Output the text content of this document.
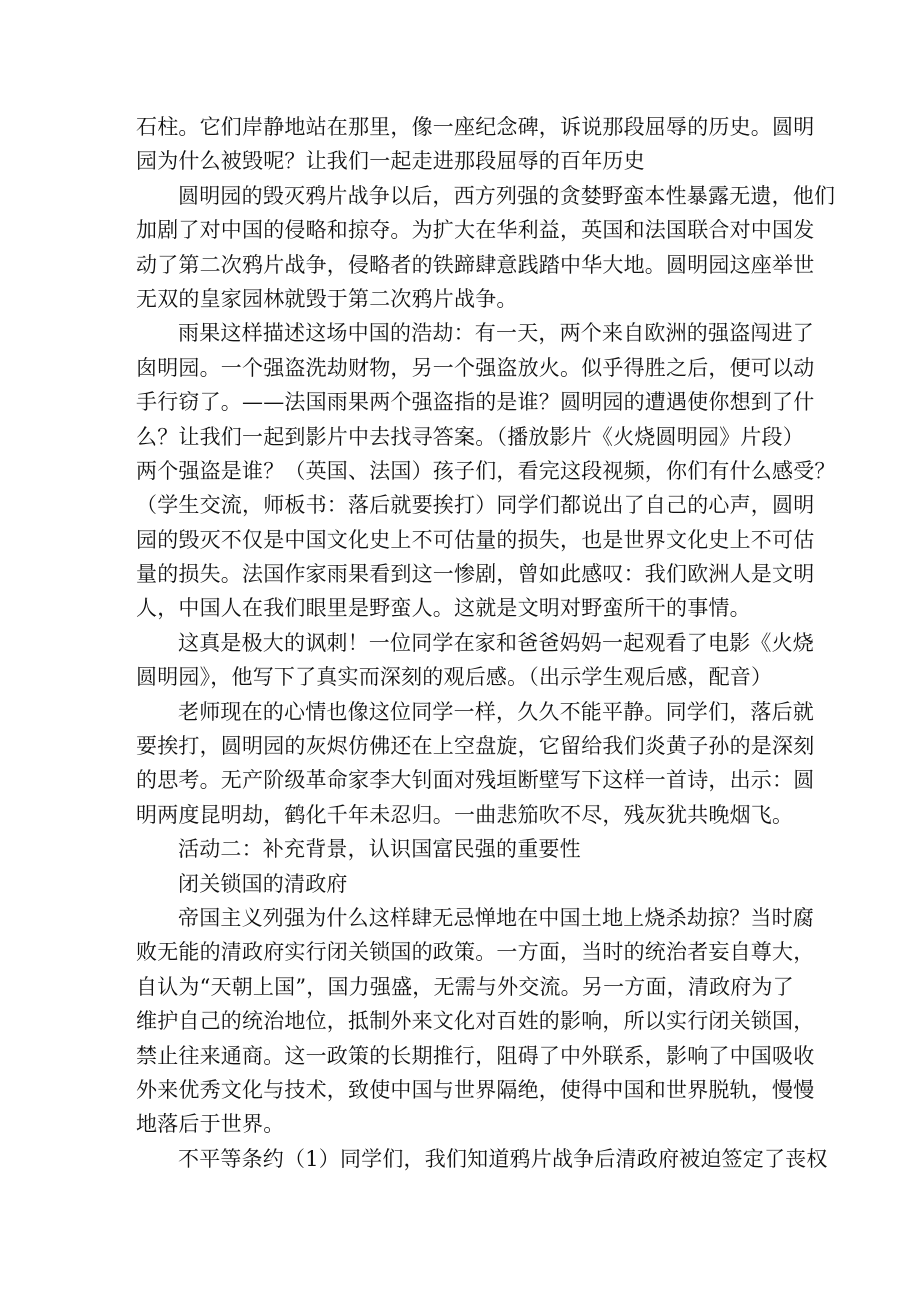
石柱。它们岸静地站在那里，像一座纪念碑，诉说那段屈辱的历史。圆明
园为什么被毁呢？让我们一起走进那段屈辱的百年历史
圆明园的毁灭鸦片战争以后，西方列强的贪婪野蛮本性暴露无遗，他们
加剧了对中国的侵略和掠夺。为扩大在华利益，英国和法国联合对中国发
动了第二次鸦片战争，侵略者的铁蹄肆意践踏中华大地。圆明园这座举世
无双的皇家园林就毁于第二次鸦片战争。
雨果这样描述这场中国的浩劫：有一天，两个来自欧洲的强盗闯进了
囱明园。一个强盗洗劫财物，另一个强盗放火。似乎得胜之后，便可以动
手行窃了。——法国雨果两个强盗指的是谁？圆明园的遭遇使你想到了什
么？让我们一起到影片中去找寻答案。（播放影片《火烧圆明园》片段）
两个强盗是谁？（英国、法国）孩子们，看完这段视频，你们有什么感受？
（学生交流，师板书：落后就要挨打）同学们都说出了自己的心声，圆明
园的毁灭不仅是中国文化史上不可估量的损失，也是世界文化史上不可估
量的损失。法国作家雨果看到这一惨剧，曾如此感叹：我们欧洲人是文明
人，中国人在我们眼里是野蛮人。这就是文明对野蛮所干的事情。
这真是极大的讽刺！一位同学在家和爸爸妈妈一起观看了电影《火烧
圆明园》，他写下了真实而深刻的观后感。（出示学生观后感，配音）
老师现在的心情也像这位同学一样，久久不能平静。同学们，落后就
要挨打，圆明园的灰烬仿佛还在上空盘旋，它留给我们炎黄子孙的是深刻
的思考。无产阶级革命家李大钊面对残垣断壁写下这样一首诗，出示：圆
明两度昆明劫，鹤化千年未忍归。一曲悲笳吹不尽，残灰犹共晚烟飞。
活动二：补充背景，认识国富民强的重要性
闭关锁国的清政府
帝国主义列强为什么这样肆无忌惮地在中国土地上烧杀劫掠？当时腐
败无能的清政府实行闭关锁国的政策。一方面，当时的统治者妄自尊大，
自认为“天朝上国”，国力强盛，无需与外交流。另一方面，清政府为了
维护自己的统治地位，抵制外来文化对百姓的影响，所以实行闭关锁国，
禁止往来通商。这一政策的长期推行，阻碍了中外联系，影响了中国吸收
外来优秀文化与技术，致使中国与世界隔绝，使得中国和世界脱轨，慢慢
地落后于世界。
不平等条约（1）同学们，我们知道鸦片战争后清政府被迫签定了丧权
